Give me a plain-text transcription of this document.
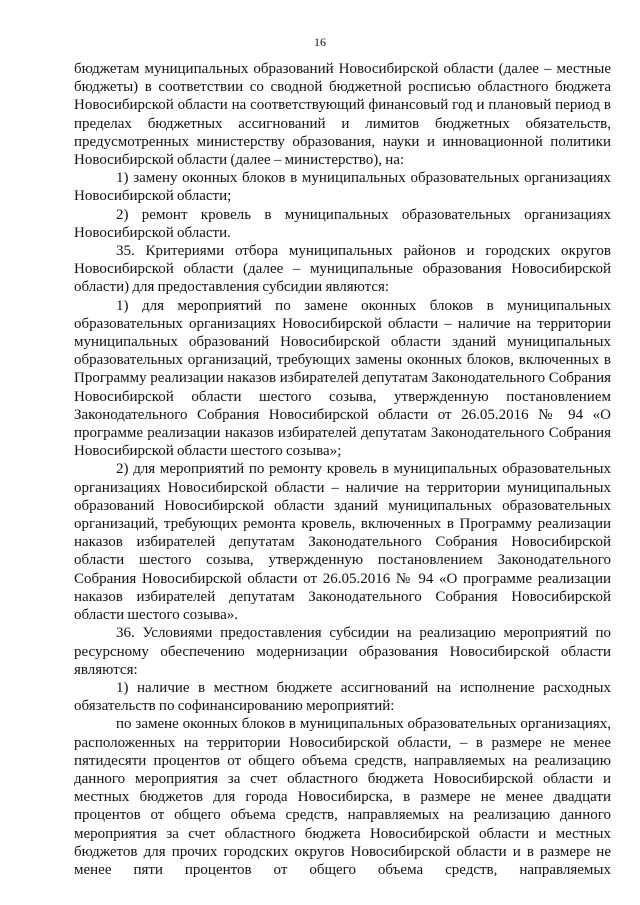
16

бюджетам муниципальных образований Новосибирской области (далее – местные бюджеты) в соответствии со сводной бюджетной росписью областного бюджета Новосибирской области на соответствующий финансовый год и плановый период в пределах бюджетных ассигнований и лимитов бюджетных обязательств, предусмотренных министерству образования, науки и инновационной политики Новосибирской области (далее – министерство), на:

1) замену оконных блоков в муниципальных образовательных организациях Новосибирской области;

2) ремонт кровель в муниципальных образовательных организациях Новосибирской области.

35. Критериями отбора муниципальных районов и городских округов Новосибирской области (далее – муниципальные образования Новосибирской области) для предоставления субсидии являются:

1) для мероприятий по замене оконных блоков в муниципальных образовательных организациях Новосибирской области – наличие на территории муниципальных образований Новосибирской области зданий муниципальных образовательных организаций, требующих замены оконных блоков, включенных в Программу реализации наказов избирателей депутатам Законодательного Собрания Новосибирской области шестого созыва, утвержденную постановлением Законодательного Собрания Новосибирской области от 26.05.2016 № 94 «О программе реализации наказов избирателей депутатам Законодательного Собрания Новосибирской области шестого созыва»;

2) для мероприятий по ремонту кровель в муниципальных образовательных организациях Новосибирской области – наличие на территории муниципальных образований Новосибирской области зданий муниципальных образовательных организаций, требующих ремонта кровель, включенных в Программу реализации наказов избирателей депутатам Законодательного Собрания Новосибирской области шестого созыва, утвержденную постановлением Законодательного Собрания Новосибирской области от 26.05.2016 № 94 «О программе реализации наказов избирателей депутатам Законодательного Собрания Новосибирской области шестого созыва».

36. Условиями предоставления субсидии на реализацию мероприятий по ресурсному обеспечению модернизации образования Новосибирской области являются:

1) наличие в местном бюджете ассигнований на исполнение расходных обязательств по софинансированию мероприятий:

по замене оконных блоков в муниципальных образовательных организациях, расположенных на территории Новосибирской области, – в размере не менее пятидесяти процентов от общего объема средств, направляемых на реализацию данного мероприятия за счет областного бюджета Новосибирской области и местных бюджетов для города Новосибирска, в размере не менее двадцати процентов от общего объема средств, направляемых на реализацию данного мероприятия за счет областного бюджета Новосибирской области и местных бюджетов для прочих городских округов Новосибирской области и в размере не менее пяти процентов от общего объема средств, направляемых
